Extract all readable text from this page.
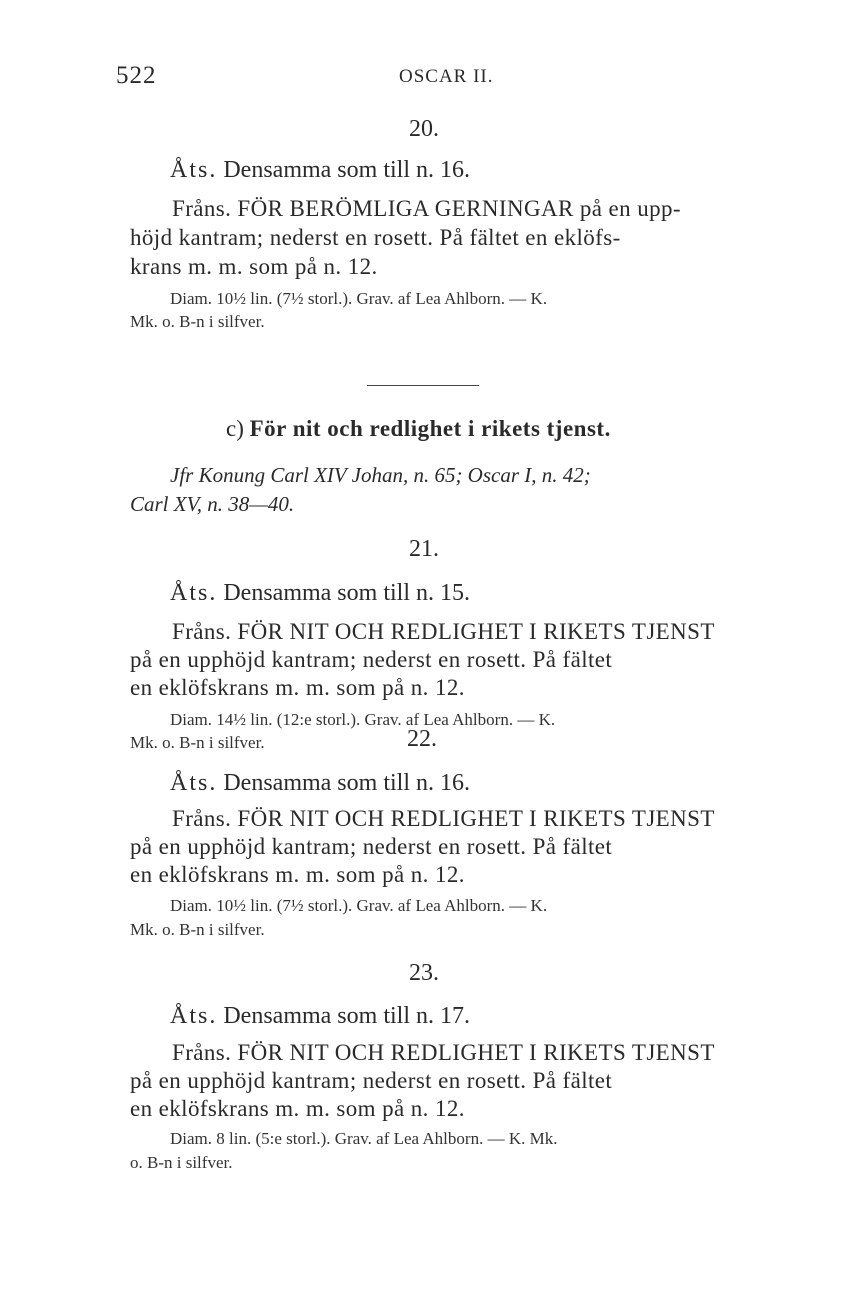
522	OSCAR II.
20.
Åts. Densamma som till n. 16.
Fråns. FÖR BERÖMLIGA GERNINGAR på en upp-
höjd kantram; nederst en rosett. På fältet en eklöfs-
krans m. m. som på n. 12.
Diam. 10½ lin. (7½ storl.). Grav. af Lea Ahlborn. — K.
Mk. o. B-n i silfver.
c) För nit och redlighet i rikets tjenst.
Jfr Konung Carl XIV Johan, n. 65; Oscar I, n. 42;
Carl XV, n. 38—40.
21.
Åts. Densamma som till n. 15.
Fråns. FÖR NIT OCH REDLIGHET I RIKETS TJENST
på en upphöjd kantram; nederst en rosett. På fältet
en eklöfskrans m. m. som på n. 12.
Diam. 14½ lin. (12:e storl.). Grav. af Lea Ahlborn. — K.
Mk. o. B-n i silfver.	22.
Åts. Densamma som till n. 16.
Fråns. FÖR NIT OCH REDLIGHET I RIKETS TJENST
på en upphöjd kantram; nederst en rosett. På fältet
en eklöfskrans m. m. som på n. 12.
Diam. 10½ lin. (7½ storl.). Grav. af Lea Ahlborn. — K.
Mk. o. B-n i silfver.
23.
Åts. Densamma som till n. 17.
Fråns. FÖR NIT OCH REDLIGHET I RIKETS TJENST
på en upphöjd kantram; nederst en rosett. På fältet
en eklöfskrans m. m. som på n. 12.
Diam. 8 lin. (5:e storl.). Grav. af Lea Ahlborn. — K. Mk.
o. B-n i silfver.
